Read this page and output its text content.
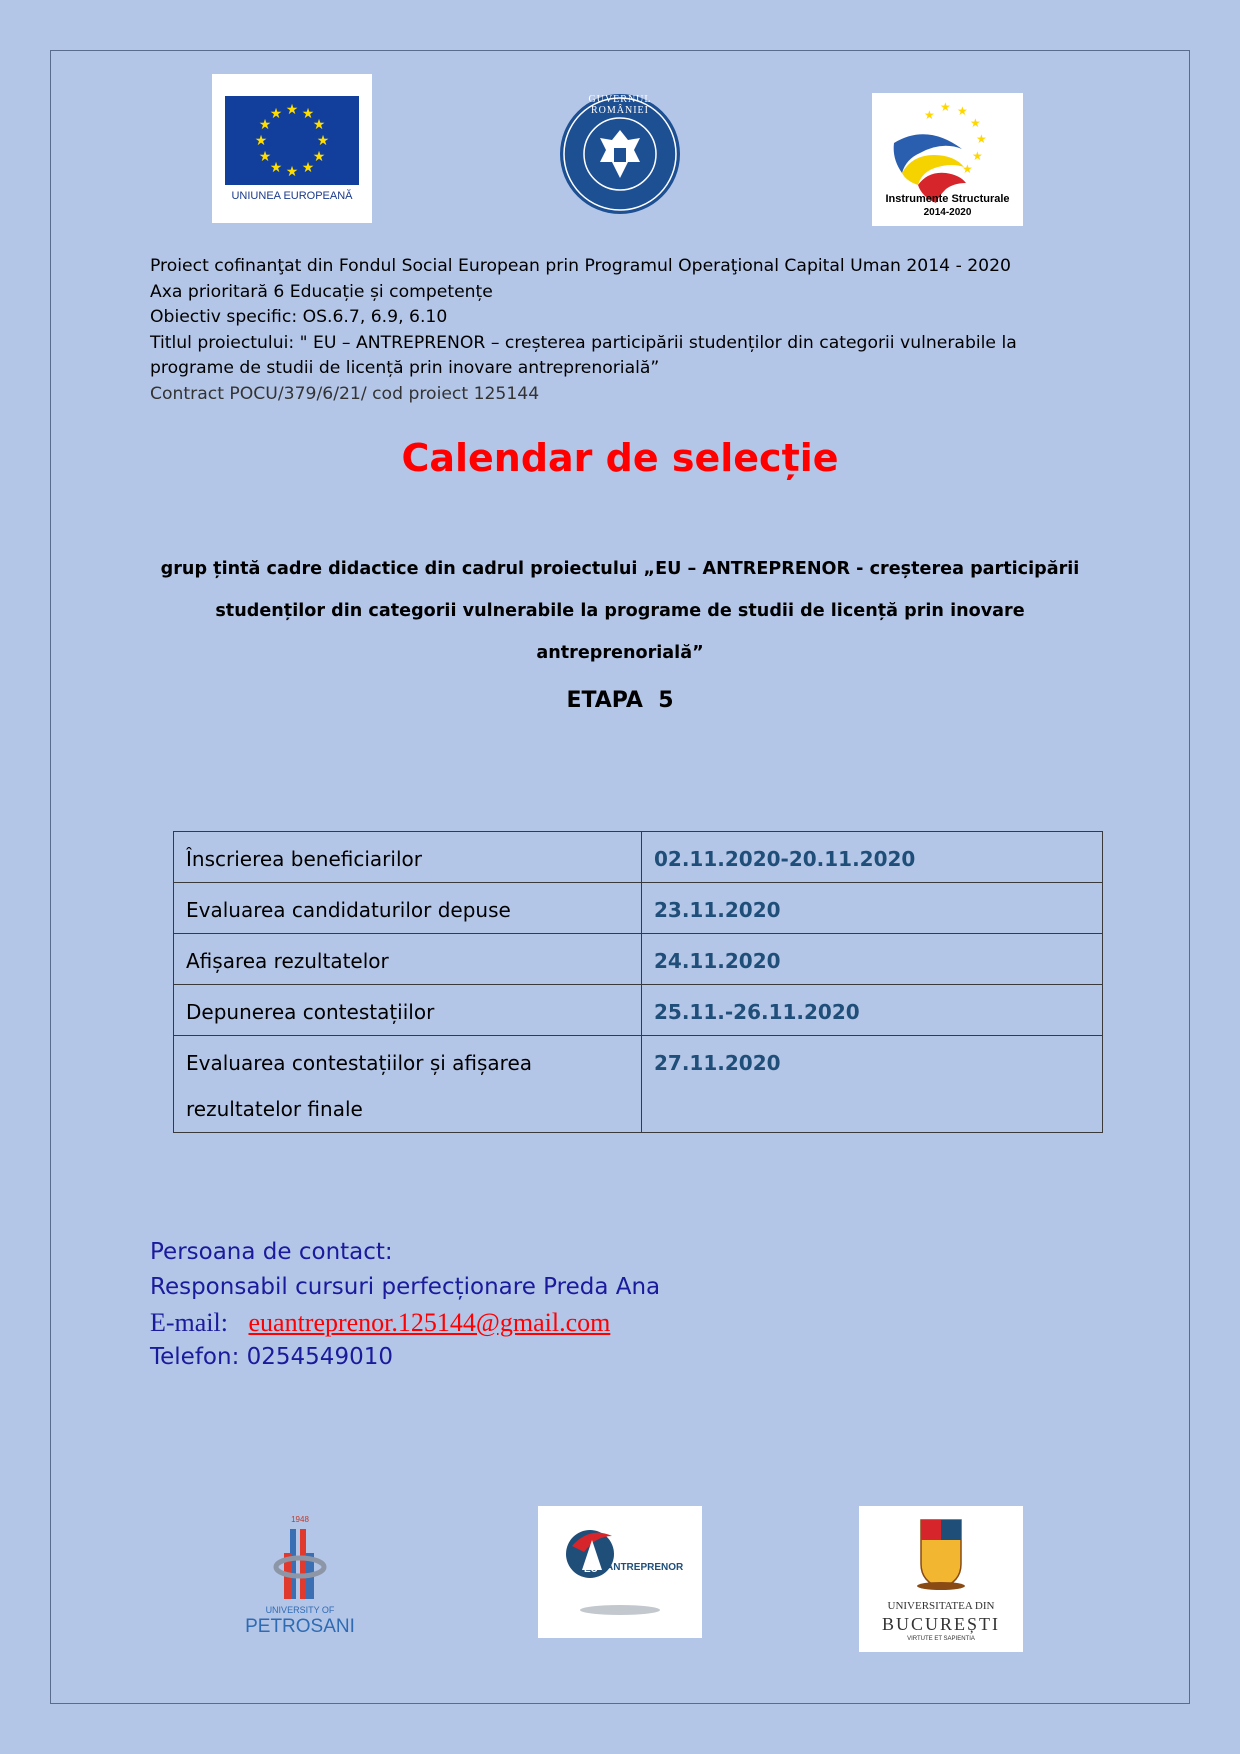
★ ★
★
★
★
★
★
★
★
★
★
★
UNIUNEA EUROPEANĂ
GUVERNUL ROMÂNIEI	★
★ ★
★
★
★
★
Instrumente Structurale
2014-2020
Proiect cofinanţat din Fondul Social European prin Programul Operaţional Capital Uman 2014 - 2020
Axa prioritară 6 Educație și competențe
Obiectiv specific: OS.6.7, 6.9, 6.10
Titlul proiectului: " EU – ANTREPRENOR – creșterea participării studenților din categorii vulnerabile la
programe de studii de licență prin inovare antreprenorială”
Contract POCU/379/6/21/ cod proiect 125144
Calendar de selecție
grup țintă cadre didactice din cadrul proiectului „EU – ANTREPRENOR - creșterea participării
studenților din categorii vulnerabile la programe de studii de licență prin inovare antreprenorială”
ETAPA  5
Înscrierea beneficiarilor	02.11.2020-20.11.2020
Evaluarea candidaturilor depuse	23.11.2020
Afișarea rezultatelor	24.11.2020
Depunerea contestațiilor	25.11.-26.11.2020

Evaluarea contestațiilor și afișarea
rezultatelor finale	27.11.2020
Persoana de contact:
Responsabil cursuri perfecționare Preda Ana
E-mail: euantreprenor.125144@gmail.com
Telefon: 0254549010
1948
UNIVERSITY OF
PETROSANI
EU ANTREPRENOR
UNIVERSITATEA DIN
BUCUREȘTI
VIRTUTE ET SAPIENTIA
